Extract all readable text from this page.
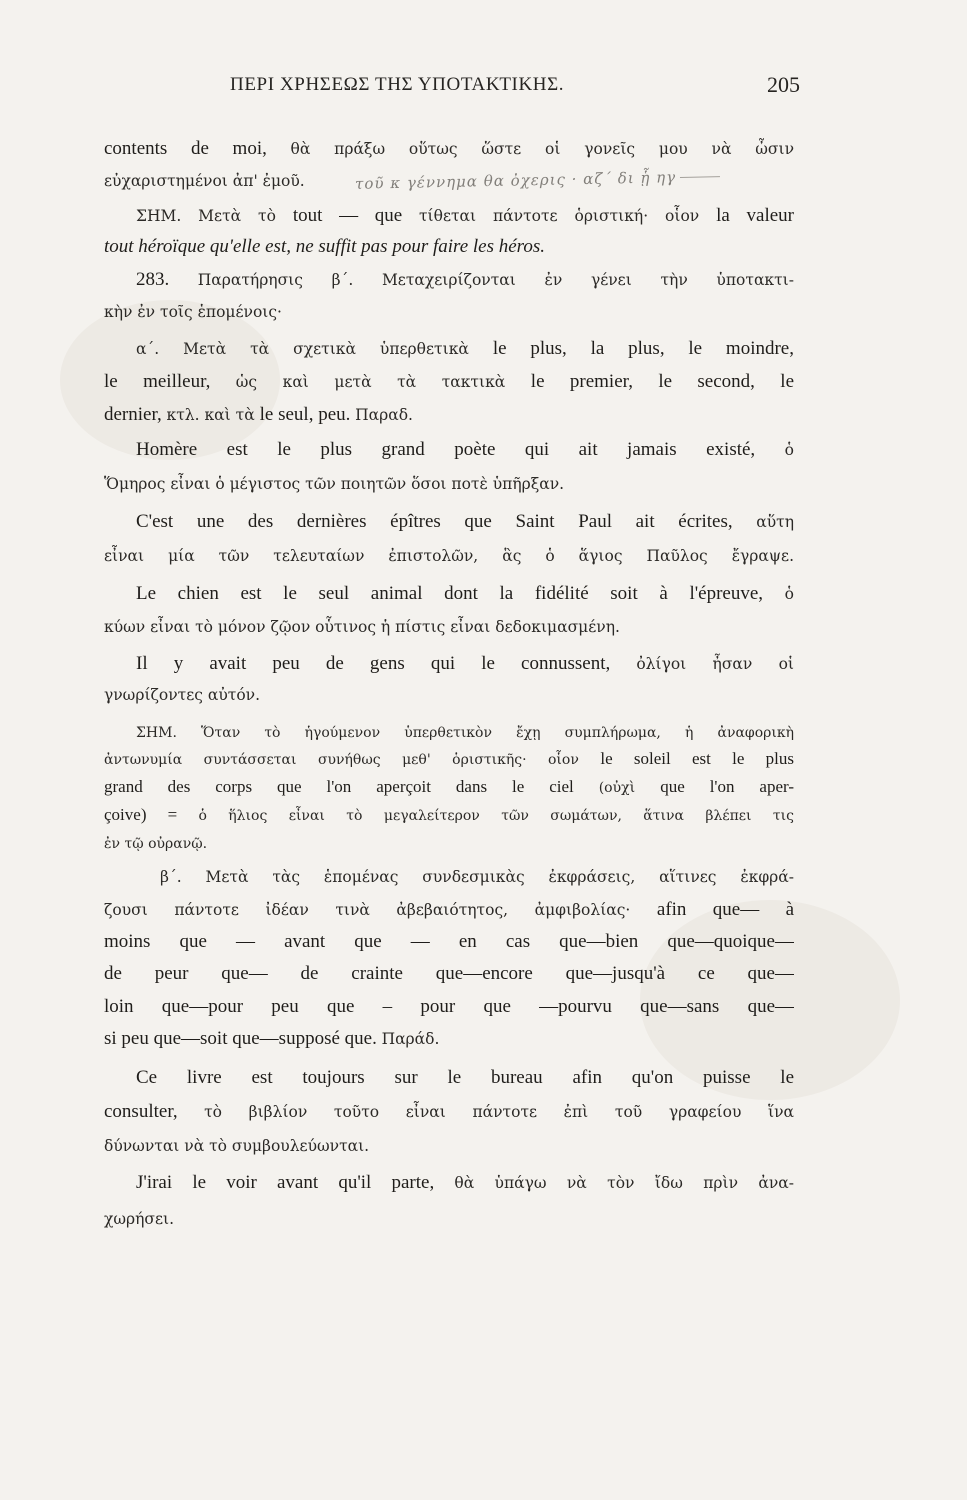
ΠΕΡΙ ΧΡΗΣΕΩΣ ΤΗΣ ΥΠΟΤΑΚΤΙΚΗΣ.	205
τοῦ κ γέννημα θα ὀχερις · αζ΄ δι ᾗ ηγ
contents de moi, θὰ πράξω οὕτως ὥστε οἱ γονεῖς μου νὰ ὦσιν
εὐχαριστημένοι ἀπ' ἐμοῦ.
ΣΗΜ. Μετὰ τὸ tout — que τίθεται πάντοτε ὁριστική· οἷον la valeur
tout héroïque qu'elle est, ne suffit pas pour faire les héros.
283. Παρατήρησις β΄. Μεταχειρίζονται ἐν γένει τὴν ὑποτακτι-
κὴν ἐν τοῖς ἑπομένοις·
α΄. Μετὰ τὰ σχετικὰ ὑπερθετικὰ le plus, la plus, le moindre,
le meilleur, ὡς καὶ μετὰ τὰ τακτικὰ le premier, le second, le
dernier, κτλ. καὶ τὰ le seul, peu. Παραδ.
Homère est le plus grand poète qui ait jamais existé, ὁ
Ὅμηρος εἶναι ὁ μέγιστος τῶν ποιητῶν ὅσοι ποτὲ ὑπῆρξαν.
C'est une des dernières épîtres que Saint Paul ait écrites, αὕτη
εἶναι μία τῶν τελευταίων ἐπιστολῶν, ἃς ὁ ἅγιος Παῦλος ἔγραψε.
Le chien est le seul animal dont la fidélité soit à l'épreuve, ὁ
κύων εἶναι τὸ μόνον ζῷον οὗτινος ἡ πίστις εἶναι δεδοκιμασμένη.
Il y avait peu de gens qui le connussent, ὀλίγοι ἦσαν οἱ
γνωρίζοντες αὐτόν.
ΣΗΜ. Ὅταν τὸ ἡγούμενον ὑπερθετικὸν ἔχῃ συμπλήρωμα, ἡ ἀναφορικὴ
ἀντωνυμία συντάσσεται συνήθως μεθ' ὁριστικῆς· οἷον le soleil est le plus
grand des corps que l'on aperçoit dans le ciel (οὐχὶ que l'on aper-
çoive) = ὁ ἥλιος εἶναι τὸ μεγαλείτερον τῶν σωμάτων, ἅτινα βλέπει τις
ἐν τῷ οὐρανῷ.
β΄. Μετὰ τὰς ἑπομένας συνδεσμικὰς ἐκφράσεις, αἵτινες ἐκφρά-
ζουσι πάντοτε ἰδέαν τινὰ ἀβεβαιότητος, ἀμφιβολίας· afin que— à
moins que — avant que — en cas que—bien que—quoique—
de peur que— de crainte que—encore que—jusqu'à ce que—
loin que—pour peu que – pour que —pourvu que—sans que—
si peu que—soit que—supposé que. Παράδ.
Ce livre est toujours sur le bureau afin qu'on puisse le
consulter, τὸ βιβλίον τοῦτο εἶναι πάντοτε ἐπὶ τοῦ γραφείου ἵνα
δύνωνται νὰ τὸ συμβουλεύωνται.
J'irai le voir avant qu'il parte, θὰ ὑπάγω νὰ τὸν ἴδω πρὶν ἀνα-
χωρήσει.
